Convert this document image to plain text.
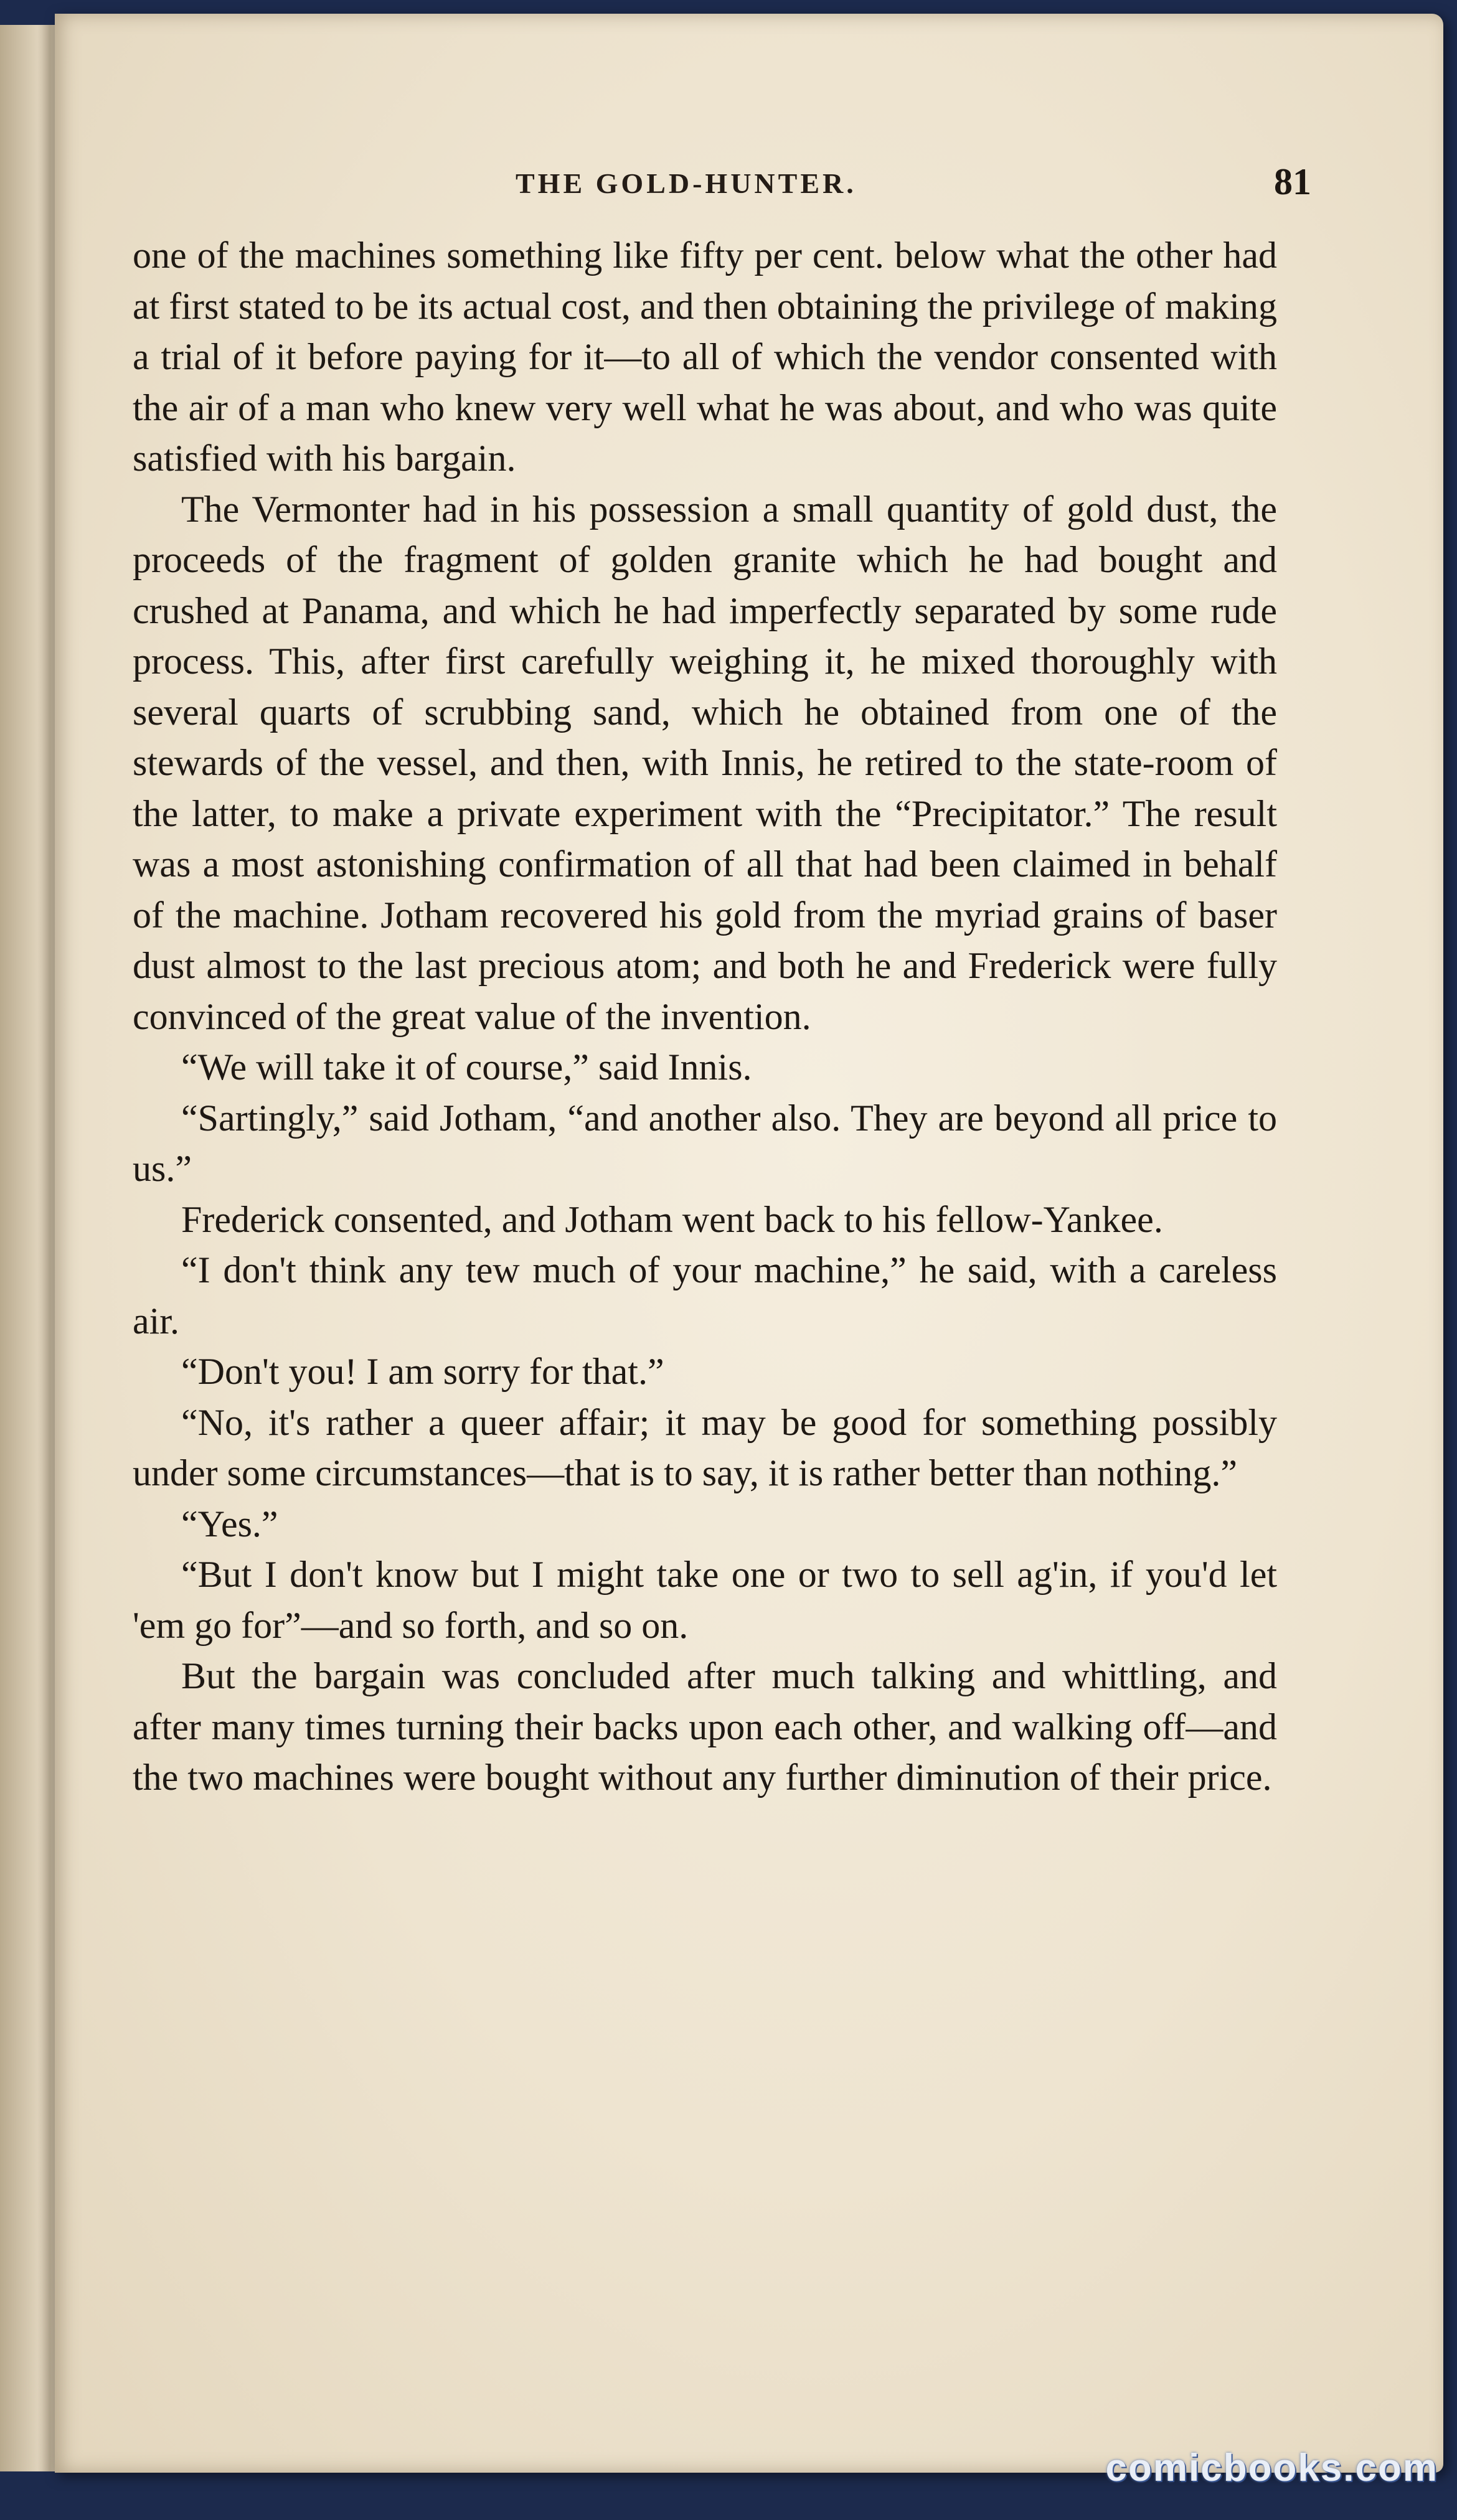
THE GOLD-HUNTER.	81

one of the machines something like fifty per cent. below what the other had at first stated to be its actual cost, and then obtaining the privilege of making a trial of it before paying for it—to all of which the vendor consented with the air of a man who knew very well what he was about, and who was quite satisfied with his bargain.

The Vermonter had in his possession a small quantity of gold dust, the proceeds of the fragment of golden granite which he had bought and crushed at Panama, and which he had imperfectly separated by some rude process. This, after first carefully weighing it, he mixed thoroughly with several quarts of scrubbing sand, which he obtained from one of the stewards of the vessel, and then, with Innis, he retired to the state-room of the latter, to make a private experiment with the “Precipitator.” The result was a most astonishing confirmation of all that had been claimed in behalf of the machine. Jotham recovered his gold from the myriad grains of baser dust almost to the last precious atom; and both he and Frederick were fully convinced of the great value of the invention.

“We will take it of course,” said Innis.

“Sartingly,” said Jotham, “and another also. They are beyond all price to us.”

Frederick consented, and Jotham went back to his fellow-Yankee.

“I don't think any tew much of your machine,” he said, with a careless air.

“Don't you! I am sorry for that.”

“No, it's rather a queer affair; it may be good for something possibly under some circumstances—that is to say, it is rather better than nothing.”

“Yes.”

“But I don't know but I might take one or two to sell ag'in, if you'd let 'em go for”—and so forth, and so on.

But the bargain was concluded after much talking and whittling, and after many times turning their backs upon each other, and walking off—and the two machines were bought without any further diminution of their price.

comicbooks.com
